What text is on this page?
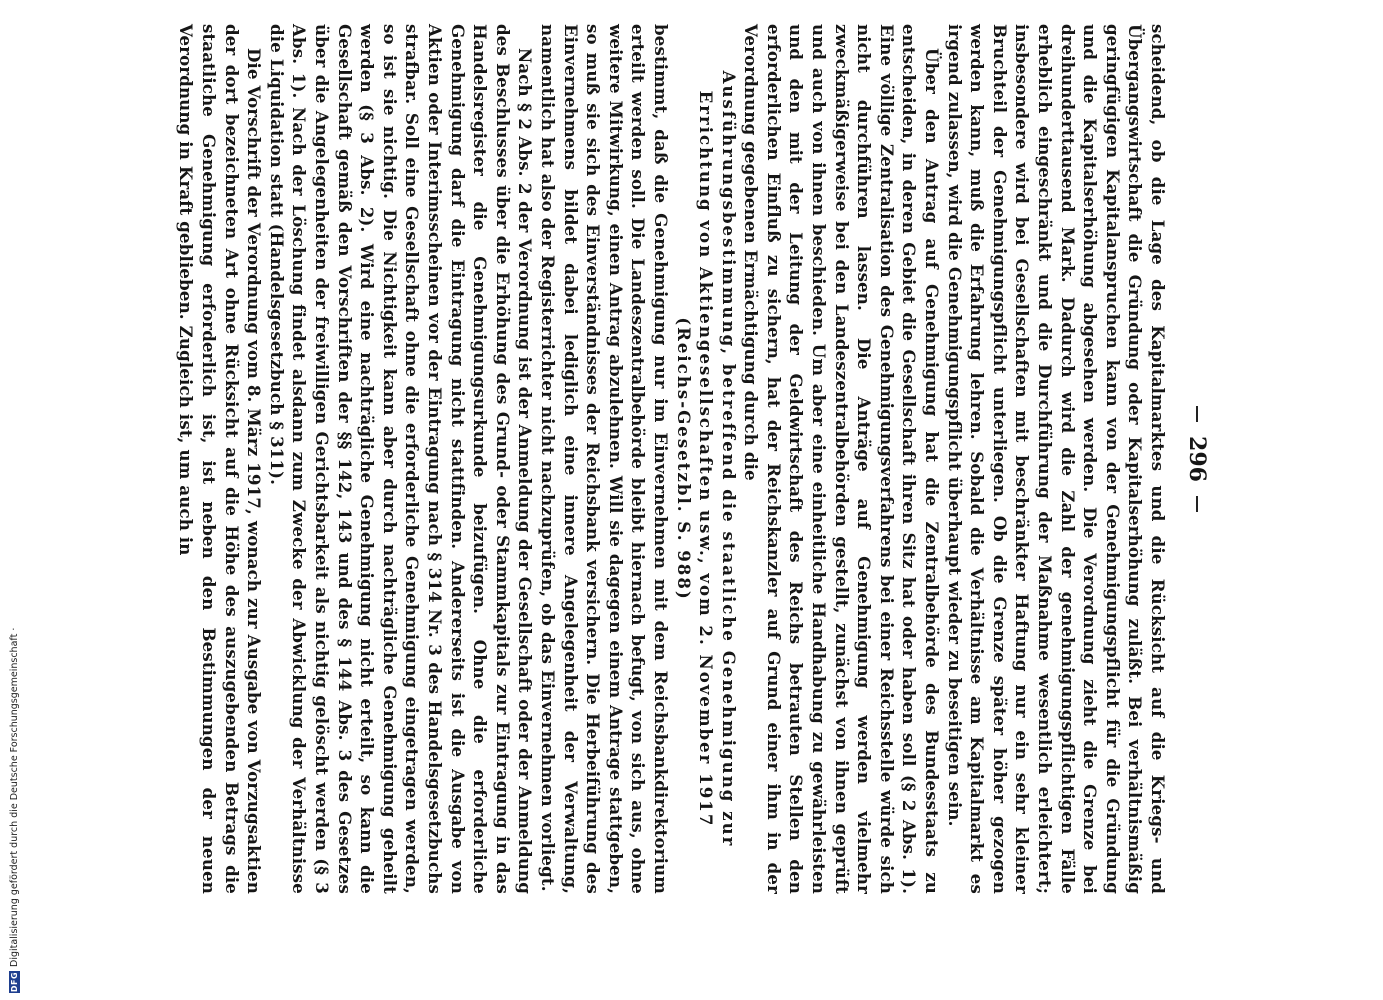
DFG
Digitalisierung gefördert durch die Deutsche Forschungsgemeinschaft ·
296

scheidend, ob die Lage des Kapitalmarktes und die Rücksicht auf die Kriegs- und Übergangswirtschaft die Gründung oder Kapitalserhöhung zuläßt. Bei verhältnismäßig geringfügigen Kapitalanspruchen kann von der Genehmigungspflicht für die Gründung und die Kapitalserhöhung abgesehen werden. Die Verordnung zieht die Grenze bei dreihunderttausend Mark. Dadurch wird die Zahl der genehmigungspflichtigen Fälle erheblich eingeschränkt und die Durchführung der Maßnahme wesentlich erleichtert; insbesondere wird bei Gesellschaften mit beschränkter Haftung nur ein sehr kleiner Bruchteil der Genehmigungspflicht unterliegen. Ob die Grenze später höher gezogen werden kann, muß die Erfahrung lehren. Sobald die Verhältnisse am Kapitalmarkt es irgend zulassen, wird die Genehmigungspflicht überhaupt wieder zu beseitigen sein.

Über den Antrag auf Genehmigung hat die Zentralbehörde des Bundesstaats zu entscheiden, in deren Gebiet die Gesellschaft ihren Sitz hat oder haben soll (§ 2 Abs. 1). Eine völlige Zentralisation des Genehmigungsverfahrens bei einer Reichsstelle würde sich nicht durchführen lassen. Die Anträge auf Genehmigung werden vielmehr zweckmäßigerweise bei den Landeszentralbehörden gestellt, zunächst von ihnen geprüft und auch von ihnen beschieden. Um aber eine einheitliche Handhabung zu gewährleisten und den mit der Leitung der Geldwirtschaft des Reichs betrauten Stellen den erforderlichen Einfluß zu sichern, hat der Reichskanzler auf Grund einer ihm in der Verordnung gegebenen Ermächtigung durch die

Ausführungsbestimmung, betreffend die staatliche Genehmigung zur Errichtung von Aktiengesellschaften usw., vom 2. November 1917 (Reichs-Gesetzbl. S. 988)

bestimmt, daß die Genehmigung nur im Einvernehmen mit dem Reichsbankdirektorium erteilt werden soll. Die Landeszentralbehörde bleibt hiernach befugt, von sich aus, ohne weitere Mitwirkung, einen Antrag abzulehnen. Will sie dagegen einem Antrage stattgeben, so muß sie sich des Einverständnisses der Reichsbank versichern. Die Herbeiführung des Einvernehmens bildet dabei lediglich eine innere Angelegenheit der Verwaltung, namentlich hat also der Registerrichter nicht nachzuprüfen, ob das Einvernehmen vorliegt.

Nach § 2 Abs. 2 der Verordnung ist der Anmeldung der Gesellschaft oder der Anmeldung des Beschlusses über die Erhöhung des Grund- oder Stammkapitals zur Eintragung in das Handelsregister die Genehmigungsurkunde beizufügen. Ohne die erforderliche Genehmigung darf die Eintragung nicht stattfinden. Andererseits ist die Ausgabe von Aktien oder Interimsscheinen vor der Eintragung nach § 314 Nr. 3 des Handelsgesetzbuchs strafbar. Soll eine Gesellschaft ohne die erforderliche Genehmigung eingetragen werden, so ist sie nichtig. Die Nichtigkeit kann aber durch nachträgliche Genehmigung geheilt werden (§ 3 Abs. 2). Wird eine nachträgliche Genehmigung nicht erteilt, so kann die Gesellschaft gemäß den Vorschriften der §§ 142, 143 und des § 144 Abs. 3 des Gesetzes über die Angelegenheiten der freiwilligen Gerichtsbarkeit als nichtig gelöscht werden (§ 3 Abs. 1). Nach der Löschung findet alsdann zum Zwecke der Abwicklung der Verhältnisse die Liquidation statt (Handelsgesetzbuch § 311).

Die Vorschrift der Verordnung vom 8. März 1917, wonach zur Ausgabe von Vorzugsaktien der dort bezeichneten Art ohne Rücksicht auf die Höhe des auszugebenden Betrags die staatliche Genehmigung erforderlich ist, ist neben den Bestimmungen der neuen Verordnung in Kraft geblieben. Zugleich ist, um auch in
